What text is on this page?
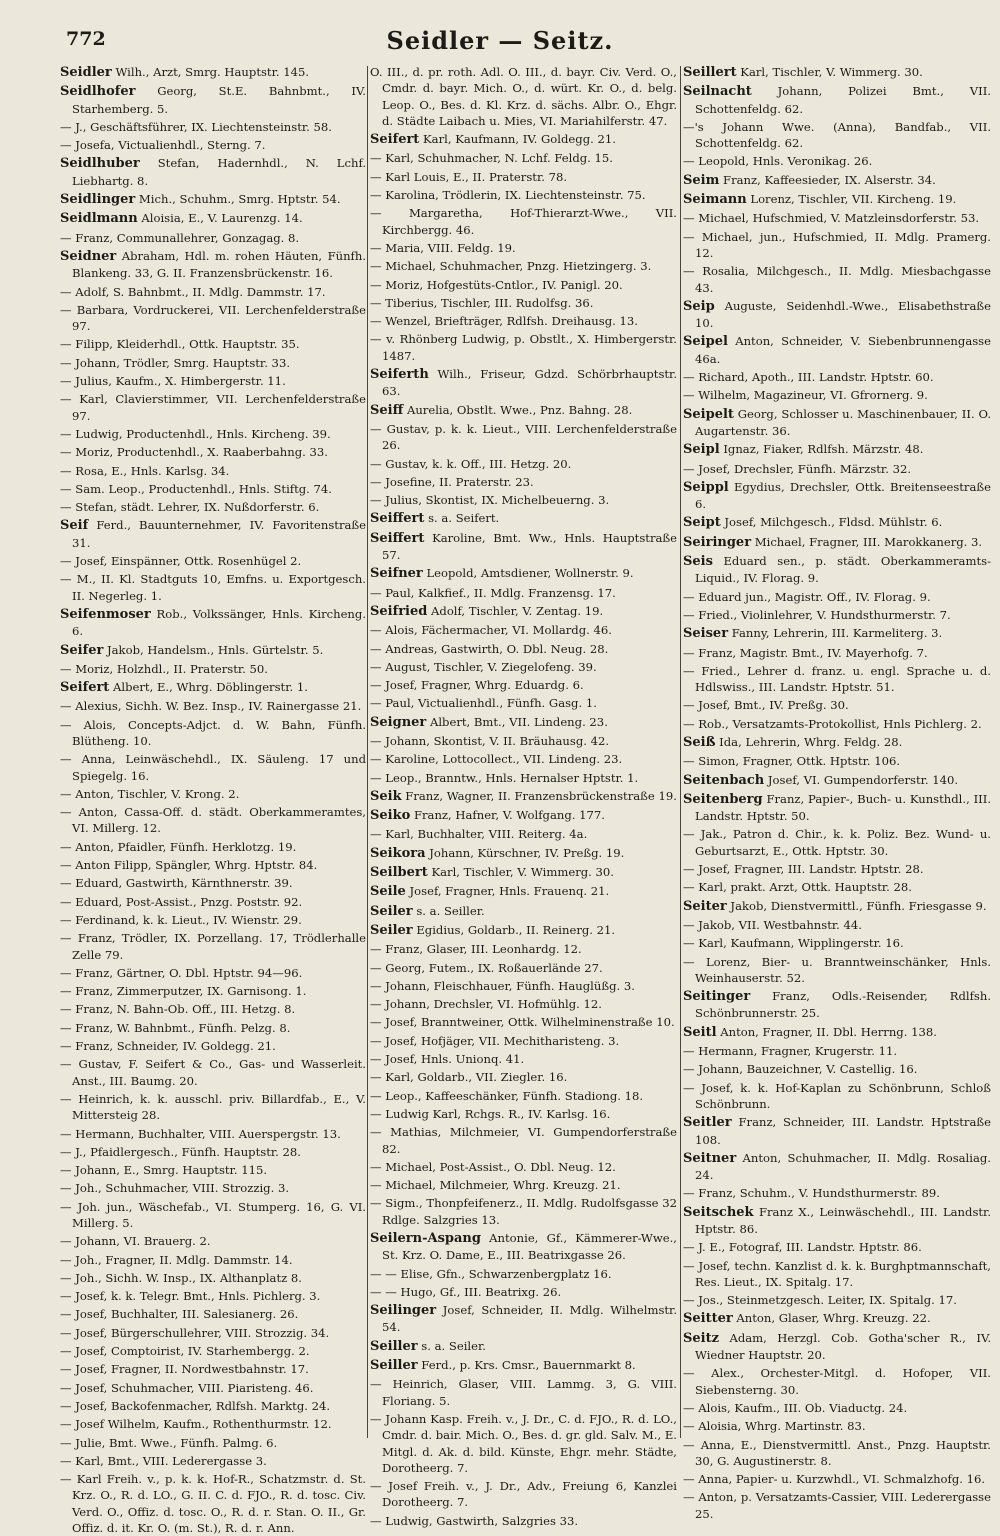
772	Seidler — Seitz.
Seidler Wilh., Arzt, Smrg. Hauptstr. 145.
Seidlhofer Georg, St.E. Bahnbmt., IV. Starhemberg. 5.
— J., Geschäftsführer, IX. Liechtensteinstr. 58.
— Josefa, Victualienhdl., Sterng. 7.
Seidlhuber Stefan, Hadernhdl., N. Lchf. Liebhartg. 8.
Seidlinger Mich., Schuhm., Smrg. Hptstr. 54.
Seidlmann Aloisia, E., V. Laurenzg. 14.
— Franz, Communallehrer, Gonzagag. 8.
Seidner Abraham, Hdl. m. rohen Häuten, Fünfh. Blankeng. 33, G. II. Franzensbrückenstr. 16.
— Adolf, S. Bahnbmt., II. Mdlg. Dammstr. 17.
— Barbara, Vordruckerei, VII. Lerchenfelderstraße 97.
— Filipp, Kleiderhdl., Ottk. Hauptstr. 35.
— Johann, Trödler, Smrg. Hauptstr. 33.
— Julius, Kaufm., X. Himbergerstr. 11.
— Karl, Clavierstimmer, VII. Lerchenfelderstraße 97.
— Ludwig, Productenhdl., Hnls. Kircheng. 39.
— Moriz, Productenhdl., X. Raaberbahng. 33.
— Rosa, E., Hnls. Karlsg. 34.
— Sam. Leop., Productenhdl., Hnls. Stiftg. 74.
— Stefan, städt. Lehrer, IX. Nußdorferstr. 6.
Seif Ferd., Bauunternehmer, IV. Favoritenstraße 31.
— Josef, Einspänner, Ottk. Rosenhügel 2.
— M., II. Kl. Stadtguts 10, Emfns. u. Exportgesch. II. Negerleg. 1.
Seifenmoser Rob., Volkssänger, Hnls. Kircheng. 6.
Seifer Jakob, Handelsm., Hnls. Gürtelstr. 5.
— Moriz, Holzhdl., II. Praterstr. 50.
Seifert Albert, E., Whrg. Döblingerstr. 1.
— Alexius, Sichh. W. Bez. Insp., IV. Rainergasse 21.
— Alois, Concepts-Adjct. d. W. Bahn, Fünfh. Blütheng. 10.
— Anna, Leinwäschehdl., IX. Säuleng. 17 und Spiegelg. 16.
— Anton, Tischler, V. Krong. 2.
— Anton, Cassa-Off. d. städt. Oberkammeramtes, VI. Millerg. 12.
— Anton, Pfaidler, Fünfh. Herklotzg. 19.
— Anton Filipp, Spängler, Whrg. Hptstr. 84.
— Eduard, Gastwirth, Kärnthnerstr. 39.
— Eduard, Post-Assist., Pnzg. Poststr. 92.
— Ferdinand, k. k. Lieut., IV. Wienstr. 29.
— Franz, Trödler, IX. Porzellang. 17, Trödlerhalle Zelle 79.
— Franz, Gärtner, O. Dbl. Hptstr. 94—96.
— Franz, Zimmerputzer, IX. Garnisong. 1.
— Franz, N. Bahn-Ob. Off., III. Hetzg. 8.
— Franz, W. Bahnbmt., Fünfh. Pelzg. 8.
— Franz, Schneider, IV. Goldegg. 21.
— Gustav, F. Seifert & Co., Gas- und Wasserleit. Anst., III. Baumg. 20.
— Heinrich, k. k. ausschl. priv. Billardfab., E., V. Mittersteig 28.
— Hermann, Buchhalter, VIII. Auerspergstr. 13.
— J., Pfaidlergesch., Fünfh. Hauptstr. 28.
— Johann, E., Smrg. Hauptstr. 115.
— Joh., Schuhmacher, VIII. Strozzig. 3.
— Joh. jun., Wäschefab., VI. Stumperg. 16, G. VI. Millerg. 5.
— Johann, VI. Brauerg. 2.
— Joh., Fragner, II. Mdlg. Dammstr. 14.
— Joh., Sichh. W. Insp., IX. Althanplatz 8.
— Josef, k. k. Telegr. Bmt., Hnls. Pichlerg. 3.
— Josef, Buchhalter, III. Salesianerg. 26.
— Josef, Bürgerschullehrer, VIII. Strozzig. 34.
— Josef, Comptoirist, IV. Starhembergg. 2.
— Josef, Fragner, II. Nordwestbahnstr. 17.
— Josef, Schuhmacher, VIII. Piaristeng. 46.
— Josef, Backofenmacher, Rdlfsh. Marktg. 24.
— Josef Wilhelm, Kaufm., Rothenthurmstr. 12.
— Julie, Bmt. Wwe., Fünfh. Palmg. 6.
— Karl, Bmt., VIII. Lederergasse 3.
— Karl Freih. v., p. k. k. Hof-R., Schatzmstr. d. St. Krz. O., R. d. LO., G. II. C. d. FJO., R. d. tosc. Civ. Verd. O., Offiz. d. tosc. O., R. d. r. Stan. O. II., Gr. Offiz. d. it. Kr. O. (m. St.), R. d. r. Ann.
O. III., d. pr. roth. Adl. O. III., d. bayr. Civ. Verd. O., Cmdr. d. bayr. Mich. O., d. würt. Kr. O., d. belg. Leop. O., Bes. d. Kl. Krz. d. sächs. Albr. O., Ehgr. d. Städte Laibach u. Mies, VI. Mariahilferstr. 47.
Seifert Karl, Kaufmann, IV. Goldegg. 21.
— Karl, Schuhmacher, N. Lchf. Feldg. 15.
— Karl Louis, E., II. Praterstr. 78.
— Karolina, Trödlerin, IX. Liechtensteinstr. 75.
— Margaretha, Hof-Thierarzt-Wwe., VII. Kirchbergg. 46.
— Maria, VIII. Feldg. 19.
— Michael, Schuhmacher, Pnzg. Hietzingerg. 3.
— Moriz, Hofgestüts-Cntlor., IV. Panigl. 20.
— Tiberius, Tischler, III. Rudolfsg. 36.
— Wenzel, Briefträger, Rdlfsh. Dreihausg. 13.
— v. Rhönberg Ludwig, p. Obstlt., X. Himbergerstr. 1487.
Seiferth Wilh., Friseur, Gdzd. Schörbrhauptstr. 63.
Seiff Aurelia, Obstlt. Wwe., Pnz. Bahng. 28.
— Gustav, p. k. k. Lieut., VIII. Lerchenfelderstraße 26.
— Gustav, k. k. Off., III. Hetzg. 20.
— Josefine, II. Praterstr. 23.
— Julius, Skontist, IX. Michelbeuerng. 3.
Seiffert s. a. Seifert.
Seiffert Karoline, Bmt. Ww., Hnls. Hauptstraße 57.
Seifner Leopold, Amtsdiener, Wollnerstr. 9.
— Paul, Kalkfief., II. Mdlg. Franzensg. 17.
Seifried Adolf, Tischler, V. Zentag. 19.
— Alois, Fächermacher, VI. Mollardg. 46.
— Andreas, Gastwirth, O. Dbl. Neug. 28.
— August, Tischler, V. Ziegelofeng. 39.
— Josef, Fragner, Whrg. Eduardg. 6.
— Paul, Victualienhdl., Fünfh. Gasg. 1.
Seigner Albert, Bmt., VII. Lindeng. 23.
— Johann, Skontist, V. II. Bräuhausg. 42.
— Karoline, Lottocollect., VII. Lindeng. 23.
— Leop., Branntw., Hnls. Hernalser Hptstr. 1.
Seik Franz, Wagner, II. Franzensbrückenstraße 19.
Seiko Franz, Hafner, V. Wolfgang. 177.
— Karl, Buchhalter, VIII. Reiterg. 4a.
Seikora Johann, Kürschner, IV. Preßg. 19.
Seilbert Karl, Tischler, V. Wimmerg. 30.
Seile Josef, Fragner, Hnls. Frauenq. 21.
Seiler s. a. Seiller.
Seiler Egidius, Goldarb., II. Reinerg. 21.
— Franz, Glaser, III. Leonhardg. 12.
— Georg, Futem., IX. Roßauerlände 27.
— Johann, Fleischhauer, Fünfh. Hauglüßg. 3.
— Johann, Drechsler, VI. Hofmühlg. 12.
— Josef, Branntweiner, Ottk. Wilhelminenstraße 10.
— Josef, Hofjäger, VII. Mechitharisteng. 3.
— Josef, Hnls. Unionq. 41.
— Karl, Goldarb., VII. Ziegler. 16.
— Leop., Kaffeeschänker, Fünfh. Stadiong. 18.
— Ludwig Karl, Rchgs. R., IV. Karlsg. 16.
— Mathias, Milchmeier, VI. Gumpendorferstraße 82.
— Michael, Post-Assist., O. Dbl. Neug. 12.
— Michael, Milchmeier, Whrg. Kreuzg. 21.
— Sigm., Thonpfeifenerz., II. Mdlg. Rudolfsgasse 32 Rdlge. Salzgries 13.
Seilern-Aspang Antonie, Gf., Kämmerer-Wwe., St. Krz. O. Dame, E., III. Beatrixgasse 26.
— — Elise, Gfn., Schwarzenbergplatz 16.
— — Hugo, Gf., III. Beatrixg. 26.
Seilinger Josef, Schneider, II. Mdlg. Wilhelmstr. 54.
Seiller s. a. Seiler.
Seiller Ferd., p. Krs. Cmsr., Bauernmarkt 8.
— Heinrich, Glaser, VIII. Lammg. 3, G. VIII. Floriang. 5.
— Johann Kasp. Freih. v., J. Dr., C. d. FJO., R. d. LO., Cmdr. d. bair. Mich. O., Bes. d. gr. gld. Salv. M., E. Mitgl. d. Ak. d. bild. Künste, Ehgr. mehr. Städte, Dorotheerg. 7.
— Josef Freih. v., J. Dr., Adv., Freiung 6, Kanzlei Dorotheerg. 7.
— Ludwig, Gastwirth, Salzgries 33.
Seillert Karl, Tischler, V. Wimmerg. 30.
Seilnacht Johann, Polizei Bmt., VII. Schottenfeldg. 62.
—'s Johann Wwe. (Anna), Bandfab., VII. Schottenfeldg. 62.
— Leopold, Hnls. Veronikag. 26.
Seim Franz, Kaffeesieder, IX. Alserstr. 34.
Seimann Lorenz, Tischler, VII. Kircheng. 19.
— Michael, Hufschmied, V. Matzleinsdorferstr. 53.
— Michael, jun., Hufschmied, II. Mdlg. Pramerg. 12.
— Rosalia, Milchgesch., II. Mdlg. Miesbachgasse 43.
Seip Auguste, Seidenhdl.-Wwe., Elisabethstraße 10.
Seipel Anton, Schneider, V. Siebenbrunnengasse 46a.
— Richard, Apoth., III. Landstr. Hptstr. 60.
— Wilhelm, Magazineur, VI. Gfrornerg. 9.
Seipelt Georg, Schlosser u. Maschinenbauer, II. O. Augartenstr. 36.
Seipl Ignaz, Fiaker, Rdlfsh. Märzstr. 48.
— Josef, Drechsler, Fünfh. Märzstr. 32.
Seippl Egydius, Drechsler, Ottk. Breitenseestraße 6.
Seipt Josef, Milchgesch., Fldsd. Mühlstr. 6.
Seiringer Michael, Fragner, III. Marokkanerg. 3.
Seis Eduard sen., p. städt. Oberkammeramts-Liquid., IV. Florag. 9.
— Eduard jun., Magistr. Off., IV. Florag. 9.
— Fried., Violinlehrer, V. Hundsthurmerstr. 7.
Seiser Fanny, Lehrerin, III. Karmeliterg. 3.
— Franz, Magistr. Bmt., IV. Mayerhofg. 7.
— Fried., Lehrer d. franz. u. engl. Sprache u. d. Hdlswiss., III. Landstr. Hptstr. 51.
— Josef, Bmt., IV. Preßg. 30.
— Rob., Versatzamts-Protokollist, Hnls Pichlerg. 2.
Seiß Ida, Lehrerin, Whrg. Feldg. 28.
— Simon, Fragner, Ottk. Hptstr. 106.
Seitenbach Josef, VI. Gumpendorferstr. 140.
Seitenberg Franz, Papier-, Buch- u. Kunsthdl., III. Landstr. Hptstr. 50.
— Jak., Patron d. Chir., k. k. Poliz. Bez. Wund- u. Geburtsarzt, E., Ottk. Hptstr. 30.
— Josef, Fragner, III. Landstr. Hptstr. 28.
— Karl, prakt. Arzt, Ottk. Hauptstr. 28.
Seiter Jakob, Dienstvermittl., Fünfh. Friesgasse 9.
— Jakob, VII. Westbahnstr. 44.
— Karl, Kaufmann, Wipplingerstr. 16.
— Lorenz, Bier- u. Branntweinschänker, Hnls. Weinhauserstr. 52.
Seitinger Franz, Odls.-Reisender, Rdlfsh. Schönbrunnerstr. 25.
Seitl Anton, Fragner, II. Dbl. Herrng. 138.
— Hermann, Fragner, Krugerstr. 11.
— Johann, Bauzeichner, V. Castellig. 16.
— Josef, k. k. Hof-Kaplan zu Schönbrunn, Schloß Schönbrunn.
Seitler Franz, Schneider, III. Landstr. Hptstraße 108.
Seitner Anton, Schuhmacher, II. Mdlg. Rosaliag. 24.
— Franz, Schuhm., V. Hundsthurmerstr. 89.
Seitschek Franz X., Leinwäschehdl., III. Landstr. Hptstr. 86.
— J. E., Fotograf, III. Landstr. Hptstr. 86.
— Josef, techn. Kanzlist d. k. k. Burghptmannschaft, Res. Lieut., IX. Spitalg. 17.
— Jos., Steinmetzgesch. Leiter, IX. Spitalg. 17.
Seitter Anton, Glaser, Whrg. Kreuzg. 22.
Seitz Adam, Herzgl. Cob. Gotha'scher R., IV. Wiedner Hauptstr. 20.
— Alex., Orchester-Mitgl. d. Hofoper, VII. Siebensterng. 30.
— Alois, Kaufm., III. Ob. Viaductg. 24.
— Aloisia, Whrg. Martinstr. 83.
— Anna, E., Dienstvermittl. Anst., Pnzg. Hauptstr. 30, G. Augustinerstr. 8.
— Anna, Papier- u. Kurzwhdl., VI. Schmalzhofg. 16.
— Anton, p. Versatzamts-Cassier, VIII. Lederergasse 25.
